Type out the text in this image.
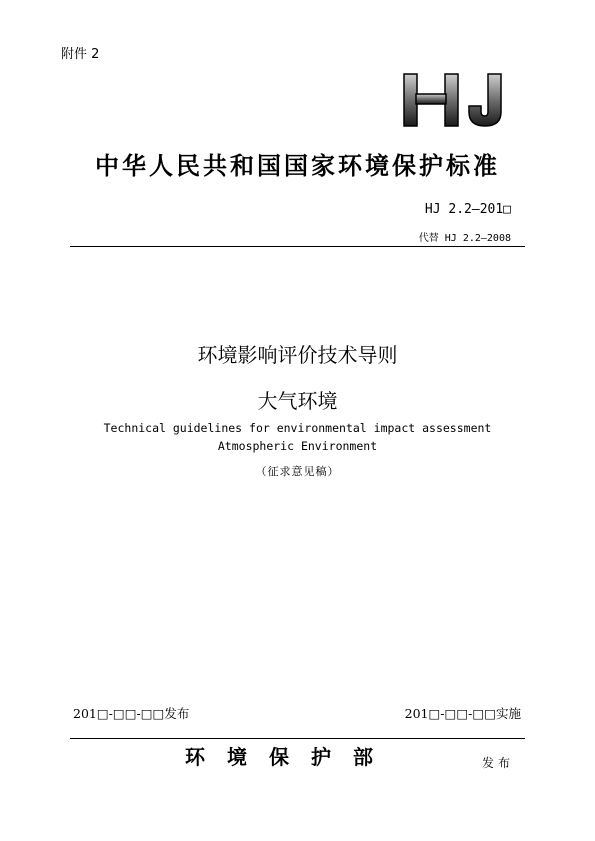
附件 2
中华人民共和国国家环境保护标准
HJ 2.2—201□
代替 HJ 2.2—2008
环境影响评价技术导则
大气环境
Technical guidelines for environmental impact assessment
Atmospheric Environment
（征求意见稿）
201□-□□-□□发布	201□-□□-□□实施
环境保护部	发布
